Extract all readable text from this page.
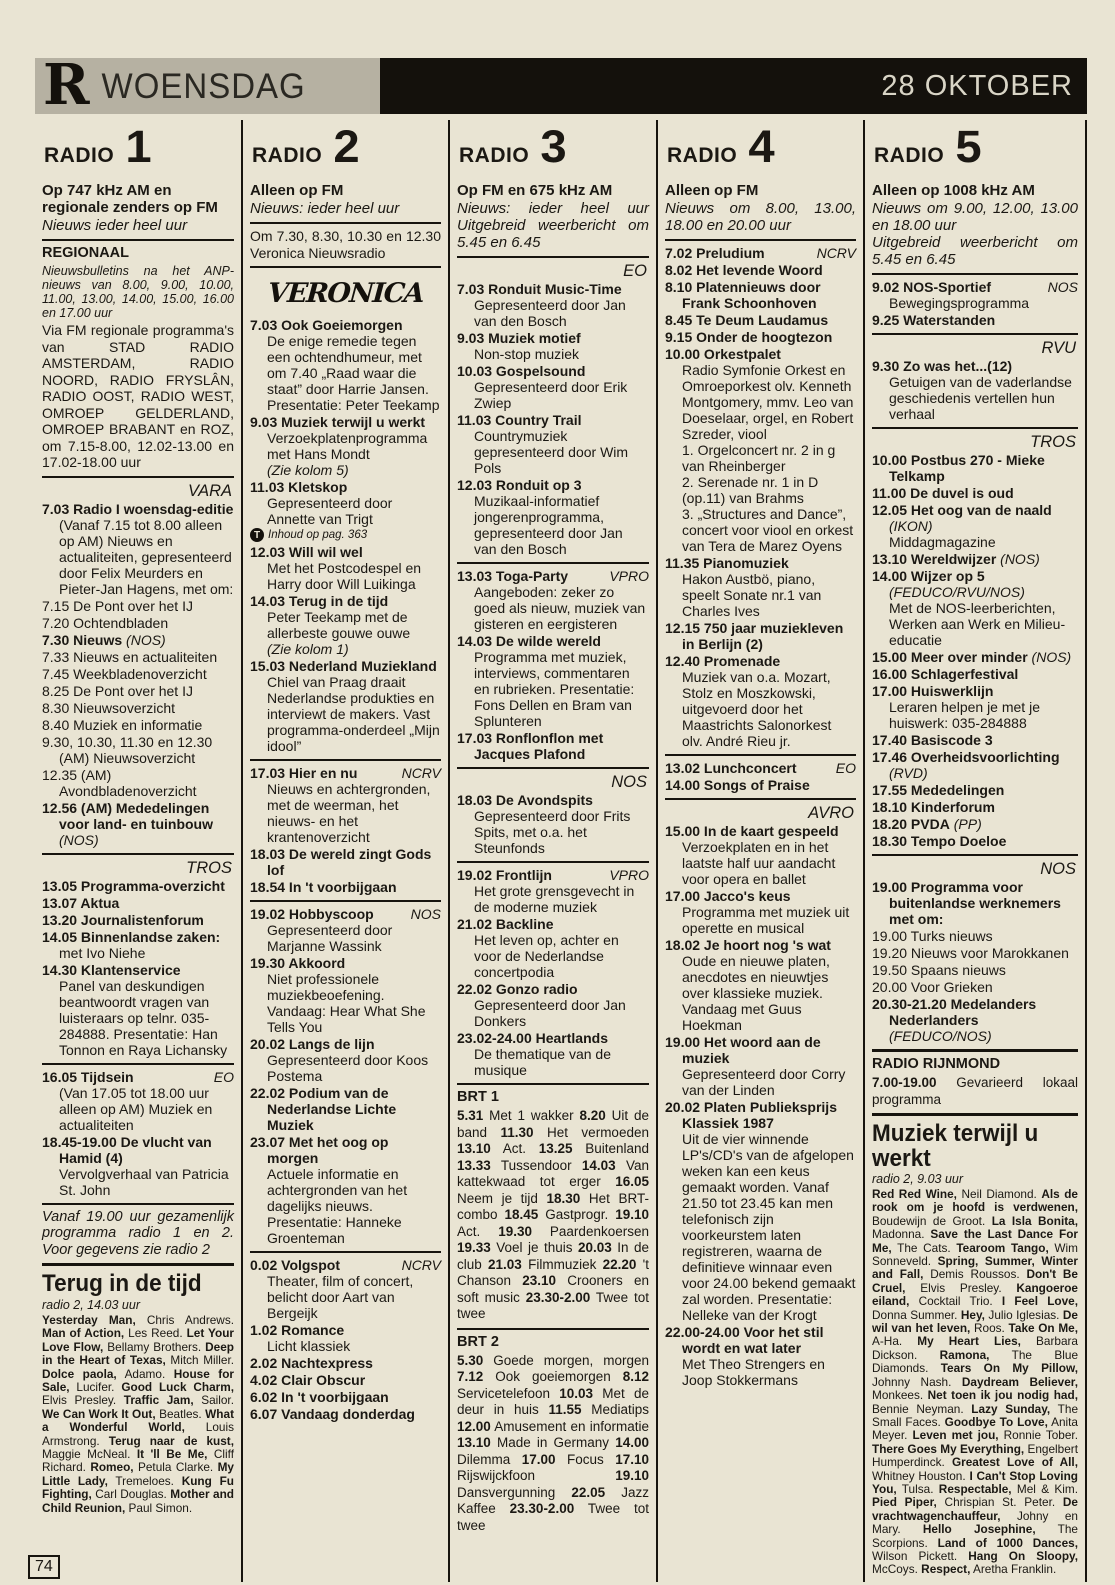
R WOENSDAG	28 OKTOBER
RADIO 1
Op 747 kHz AM en regionale zenders op FM
Nieuws ieder heel uur
REGIONAAL
Nieuwsbulletins na het ANP-nieuws van 8.00, 9.00, 10.00, 11.00, 13.00, 14.00, 15.00, 16.00 en 17.00 uur
Via FM regionale programma's van STAD RADIO AMSTERDAM, RADIO NOORD, RADIO FRYSLÂN, RADIO OOST, RADIO WEST, OMROEP GELDERLAND, OMROEP BRABANT en ROZ, om 7.15-8.00, 12.02-13.00 en 17.02-18.00 uur
VARA
7.03 Radio I woensdag-editie
(Vanaf 7.15 tot 8.00 alleen op AM) Nieuws en actualiteiten, gepresenteerd door Felix Meurders en Pieter-Jan Hagens, met om:
7.15 De Pont over het IJ
7.20 Ochtendbladen
7.30 Nieuws (NOS)
7.33 Nieuws en actualiteiten
7.45 Weekbladenoverzicht
8.25 De Pont over het IJ
8.30 Nieuwsoverzicht
8.40 Muziek en informatie
9.30, 10.30, 11.30 en 12.30 (AM) Nieuwsoverzicht
12.35 (AM) Avondbladenoverzicht
12.56 (AM) Mededelingen voor land- en tuinbouw (NOS)
TROS
13.05 Programma-overzicht
13.07 Aktua
13.20 Journalistenforum
14.05 Binnenlandse zaken: met Ivo Niehe
14.30 Klantenservice
Panel van deskundigen beantwoordt vragen van luisteraars op telnr. 035-284888. Presentatie: Han Tonnon en Raya Lichansky
EO
16.05 Tijdsein
(Van 17.05 tot 18.00 uur alleen op AM) Muziek en actualiteiten
18.45-19.00 De vlucht van Hamid (4)
Vervolgverhaal van Patricia St. John
Vanaf 19.00 uur gezamenlijk programma radio 1 en 2. Voor gegevens zie radio 2
Terug in de tijd
radio 2, 14.03 uur
Yesterday Man, Chris Andrews. Man of Action, Les Reed. Let Your Love Flow, Bellamy Brothers. Deep in the Heart of Texas, Mitch Miller. Dolce paola, Adamo. House for Sale, Lucifer. Good Luck Charm, Elvis Presley. Traffic Jam, Sailor. We Can Work It Out, Beatles. What a Wonderful World, Louis Armstrong. Terug naar de kust, Maggie McNeal. It 'll Be Me, Cliff Richard. Romeo, Petula Clarke. My Little Lady, Tremeloes. Kung Fu Fighting, Carl Douglas. Mother and Child Reunion, Paul Simon.
RADIO 2
Alleen op FM
Nieuws: ieder heel uur
Om 7.30, 8.30, 10.30 en 12.30 Veronica Nieuwsradio
VERONICA
7.03 Ook Goeiemorgen
De enige remedie tegen een ochtendhumeur, met om 7.40 „Raad waar die staat” door Harrie Jansen. Presentatie: Peter Teekamp
9.03 Muziek terwijl u werkt
Verzoekplatenprogramma met Hans Mondt
(Zie kolom 5)
11.03 Kletskop
Gepresenteerd door Annette van Trigt
T Inhoud op pag. 363
12.03 Will wil wel
Met het Postcodespel en Harry door Will Luikinga
14.03 Terug in de tijd
Peter Teekamp met de allerbeste gouwe ouwe
(Zie kolom 1)
15.03 Nederland Muziekland
Chiel van Praag draait Nederlandse produkties en interviewt de makers. Vast programma-onderdeel „Mijn idool”
NCRV
17.03 Hier en nu
Nieuws en achtergronden, met de weerman, het nieuws- en het krantenoverzicht
18.03 De wereld zingt Gods lof
18.54 In 't voorbijgaan
NOS
19.02 Hobbyscoop
Gepresenteerd door Marjanne Wassink
19.30 Akkoord
Niet professionele muziekbeoefening. Vandaag: Hear What She Tells You
20.02 Langs de lijn
Gepresenteerd door Koos Postema
22.02 Podium van de Nederlandse Lichte Muziek
23.07 Met het oog op morgen
Actuele informatie en achtergronden van het dagelijks nieuws. Presentatie: Hanneke Groenteman
NCRV
0.02 Volgspot
Theater, film of concert, belicht door Aart van Bergeijk
1.02 Romance
Licht klassiek
2.02 Nachtexpress
4.02 Clair Obscur
6.02 In 't voorbijgaan
6.07 Vandaag donderdag
RADIO 3
Op FM en 675 kHz AM
Nieuws: ieder heel uur Uitgebreid weerbericht om 5.45 en 6.45
EO
7.03 Ronduit Music-Time
Gepresenteerd door Jan van den Bosch
9.03 Muziek motief
Non-stop muziek
10.03 Gospelsound
Gepresenteerd door Erik Zwiep
11.03 Country Trail
Countrymuziek gepresenteerd door Wim Pols
12.03 Ronduit op 3
Muzikaal-informatief jongerenprogramma, gepresenteerd door Jan van den Bosch
VPRO
13.03 Toga-Party
Aangeboden: zeker zo goed als nieuw, muziek van gisteren en eergisteren
14.03 De wilde wereld
Programma met muziek, interviews, commentaren en rubrieken. Presentatie: Fons Dellen en Bram van Splunteren
17.03 Ronflonflon met Jacques Plafond
NOS
18.03 De Avondspits
Gepresenteerd door Frits Spits, met o.a. het Steunfonds
VPRO
19.02 Frontlijn
Het grote grensgevecht in de moderne muziek
21.02 Backline
Het leven op, achter en voor de Nederlandse concertpodia
22.02 Gonzo radio
Gepresenteerd door Jan Donkers
23.02-24.00 Heartlands
De thematique van de musique
BRT 1
5.31 Met 1 wakker 8.20 Uit de band 11.30 Het vermoeden 13.10 Act. 13.25 Buitenland 13.33 Tussendoor 14.03 Van kattekwaad tot erger 16.05 Neem je tijd 18.30 Het BRT-combo 18.45 Gastprogr. 19.10 Act. 19.30 Paardenkoersen 19.33 Voel je thuis 20.03 In de club 21.03 Filmmuziek 22.20 't Chanson 23.10 Crooners en soft music 23.30-2.00 Twee tot twee
BRT 2
5.30 Goede morgen, morgen 7.12 Ook goeiemorgen 8.12 Servicetelefoon 10.03 Met de deur in huis 11.55 Mediatips 12.00 Amusement en informatie 13.10 Made in Germany 14.00 Dilemma 17.00 Focus 17.10 Rijswijckfoon 19.10 Dansvergunning 22.05 Jazz Kaffee 23.30-2.00 Twee tot twee
RADIO 4
Alleen op FM
Nieuws om 8.00, 13.00, 18.00 en 20.00 uur
NCRV
7.02 Preludium
8.02 Het levende Woord
8.10 Platennieuws door Frank Schoonhoven
8.45 Te Deum Laudamus
9.15 Onder de hoogtezon
10.00 Orkestpalet
Radio Symfonie Orkest en Omroeporkest olv. Kenneth Montgomery, mmv. Leo van Doeselaar, orgel, en Robert Szreder, viool
1. Orgelconcert nr. 2 in g van Rheinberger
2. Serenade nr. 1 in D (op.11) van Brahms
3. „Structures and Dance”, concert voor viool en orkest van Tera de Marez Oyens
11.35 Pianomuziek
Hakon Austbö, piano, speelt Sonate nr.1 van Charles Ives
12.15 750 jaar muziekleven in Berlijn (2)
12.40 Promenade
Muziek van o.a. Mozart, Stolz en Moszkowski, uitgevoerd door het Maastrichts Salonorkest olv. André Rieu jr.
EO
13.02 Lunchconcert
14.00 Songs of Praise
AVRO
15.00 In de kaart gespeeld
Verzoekplaten en in het laatste half uur aandacht voor opera en ballet
17.00 Jacco's keus
Programma met muziek uit operette en musical
18.02 Je hoort nog 's wat
Oude en nieuwe platen, anecdotes en nieuwtjes over klassieke muziek. Vandaag met Guus Hoekman
19.00 Het woord aan de muziek
Gepresenteerd door Corry van der Linden
20.02 Platen Publieksprijs Klassiek 1987
Uit de vier winnende LP's/CD's van de afgelopen weken kan een keus gemaakt worden. Vanaf 21.50 tot 23.45 kan men telefonisch zijn voorkeurstem laten registreren, waarna de definitieve winnaar even voor 24.00 bekend gemaakt zal worden. Presentatie: Nelleke van der Krogt
22.00-24.00 Voor het stil wordt en wat later
Met Theo Strengers en Joop Stokkermans
RADIO 5
Alleen op 1008 kHz AM
Nieuws om 9.00, 12.00, 13.00 en 18.00 uur
Uitgebreid weerbericht om 5.45 en 6.45
NOS
9.02 NOS-Sportief
Bewegingsprogramma
9.25 Waterstanden
RVU
9.30 Zo was het...(12)
Getuigen van de vaderlandse geschiedenis vertellen hun verhaal
TROS
10.00 Postbus 270 - Mieke Telkamp
11.00 De duvel is oud
12.05 Het oog van de naald (IKON)
Middagmagazine
13.10 Wereldwijzer (NOS)
14.00 Wijzer op 5 (FEDUCO/RVU/NOS)
Met de NOS-leerberichten, Werken aan Werk en Milieu-educatie
15.00 Meer over minder (NOS)
16.00 Schlagerfestival
17.00 Huiswerklijn
Leraren helpen je met je huiswerk: 035-284888
17.40 Basiscode 3
17.46 Overheidsvoorlichting (RVD)
17.55 Mededelingen
18.10 Kinderforum
18.20 PVDA (PP)
18.30 Tempo Doeloe
NOS
19.00 Programma voor buitenlandse werknemers met om:
19.00 Turks nieuws
19.20 Nieuws voor Marokkanen
19.50 Spaans nieuws
20.00 Voor Grieken
20.30-21.20 Medelanders Nederlanders (FEDUCO/NOS)
RADIO RIJNMOND
7.00-19.00 Gevarieerd lokaal programma
Muziek terwijl u werkt
radio 2, 9.03 uur
Red Red Wine, Neil Diamond. Als de rook om je hoofd is verdwenen, Boudewijn de Groot. La Isla Bonita, Madonna. Save the Last Dance For Me, The Cats. Tearoom Tango, Wim Sonneveld. Spring, Summer, Winter and Fall, Demis Roussos. Don't Be Cruel, Elvis Presley. Kangoeroe eiland, Cocktail Trio. I Feel Love, Donna Summer. Hey, Julio Iglesias. De wil van het leven, Roos. Take On Me, A-Ha. My Heart Lies, Barbara Dickson. Ramona, The Blue Diamonds. Tears On My Pillow, Johnny Nash. Daydream Believer, Monkees. Net toen ik jou nodig had, Bennie Neyman. Lazy Sunday, The Small Faces. Goodbye To Love, Anita Meyer. Leven met jou, Ronnie Tober. There Goes My Everything, Engelbert Humperdinck. Greatest Love of All, Whitney Houston. I Can't Stop Loving You, Tulsa. Respectable, Mel & Kim. Pied Piper, Chrispian St. Peter. De vrachtwagenchauffeur, Johny en Mary. Hello Josephine, The Scorpions. Land of 1000 Dances, Wilson Pickett. Hang On Sloopy, McCoys. Respect, Aretha Franklin.
74
